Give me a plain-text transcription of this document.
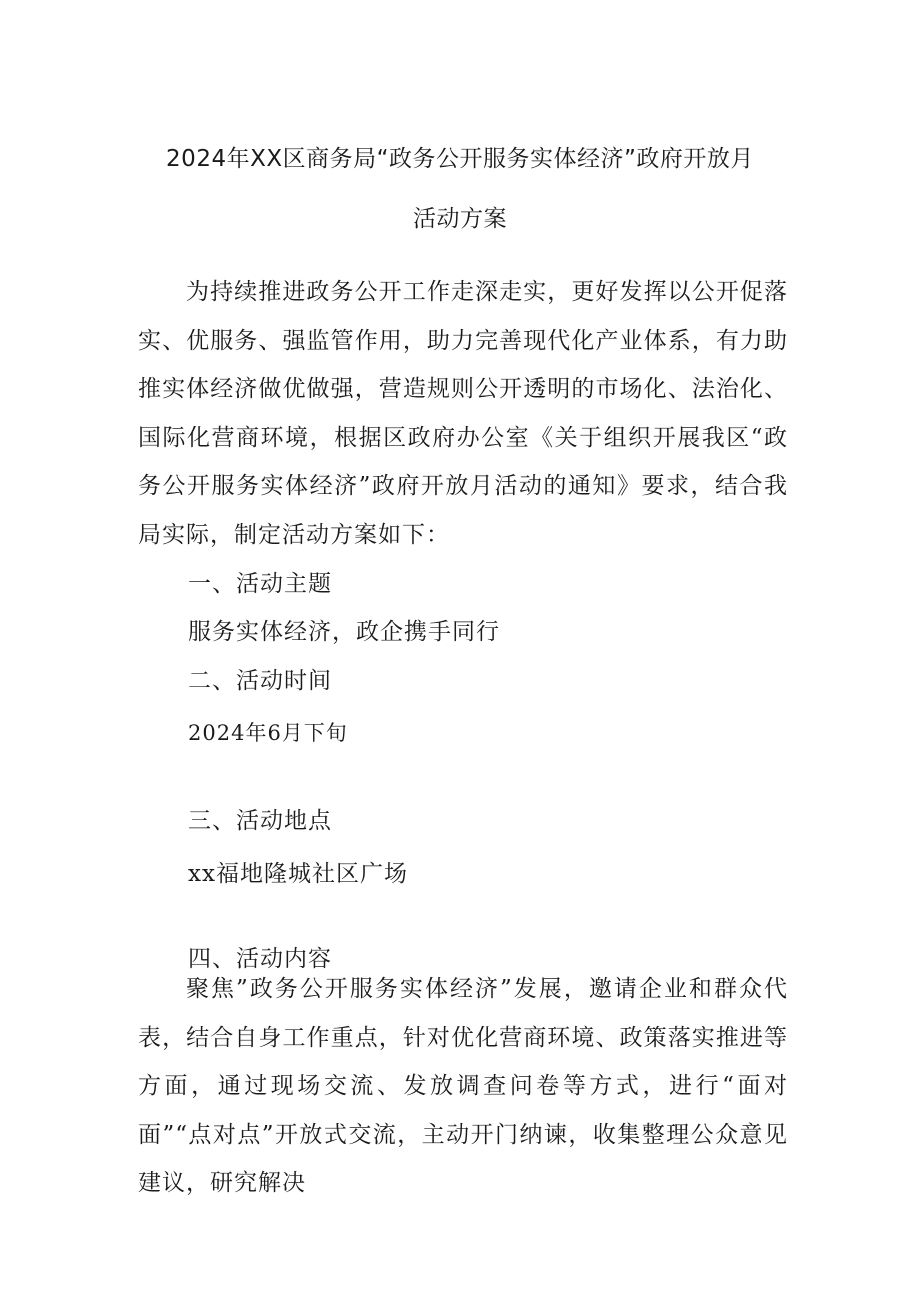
2024年XX区商务局“政务公开服务实体经济”政府开放月
活动方案
为持续推进政务公开工作走深走实，更好发挥以公开促落实、优服务、强监管作用，助力完善现代化产业体系，有力助推实体经济做优做强，营造规则公开透明的市场化、法治化、国际化营商环境，根据区政府办公室《关于组织开展我区“政务公开服务实体经济”政府开放月活动的通知》要求，结合我局实际，制定活动方案如下：
一、活动主题
服务实体经济，政企携手同行
二、活动时间
2024年6月下旬
三、活动地点
xx福地隆城社区广场
四、活动内容
聚焦”政务公开服务实体经济”发展，邀请企业和群众代表，结合自身工作重点，针对优化营商环境、政策落实推进等方面，通过现场交流、发放调查问卷等方式，进行“面对面”“点对点”开放式交流，主动开门纳谏，收集整理公众意见建议，研究解决
